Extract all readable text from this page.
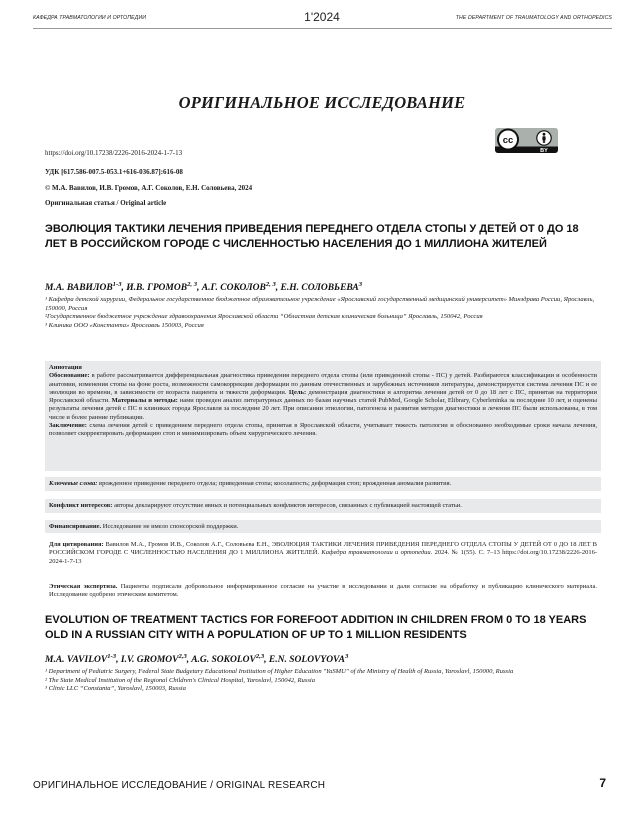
КАФЕДРА ТРАВМАТОЛОГИИ И ОРТОПЕДИИ	1'2024	THE DEPARTMENT OF TRAUMATOLOGY AND ORTHOPEDICS
ОРИГИНАЛЬНОЕ ИССЛЕДОВАНИЕ
https://doi.org/10.17238/2226-2016-2024-1-7-13
УДК [617.586-007.5-053.1+616-036.87]:616-08
© М.А. Вавилов, И.В. Громов, А.Г. Соколов, Е.Н. Соловьева, 2024
Оригинальная статья / Original article
cc
BY
ЭВОЛЮЦИЯ ТАКТИКИ ЛЕЧЕНИЯ ПРИВЕДЕНИЯ ПЕРЕДНЕГО ОТДЕЛА СТОПЫ У ДЕТЕЙ ОТ 0 ДО 18 ЛЕТ В РОССИЙСКОМ ГОРОДЕ С ЧИСЛЕННОСТЬЮ НАСЕЛЕНИЯ ДО 1 МИЛЛИОНА ЖИТЕЛЕЙ
М.А. ВАВИЛОВ$^{1-3}$, И.В. ГРОМОВ$^{2, 3}$, А.Г. СОКОЛОВ$^{2, 3}$, Е.Н. СОЛОВЬЕВА$^3$
¹ Кафедра детской хирургии, Федеральное государственное бюджетное образовательное учреждение «Ярославский государственный медицинский университет» Минздрава России, Ярославль, 150000, Россия
²Государственное бюджетное учреждение здравоохранения Ярославской области “Областная детская клиническая больница” Ярославль, 150042, Россия
³ Клиника ООО «Константа» Ярославль 150003, Россия
Аннотация
Обоснование: в работе рассматривается дифференциальная диагностика приведения переднего отдела стопы (или приведенной стопы - ПС) у детей. Разбираются классификации и особенности анатомии, изменения стопы на фоне роста, возможности самокоррекции деформации по данным отечественных и зарубежных источников литературы, демонстрируется система лечения ПС и ее эволюция во времени, в зависимости от возраста пациента и тяжести деформации. Цель: демонстрация диагностики и алгоритма лечения детей от 0 до 18 лет с ПС, принятая на территории Ярославской области. Материалы и методы: нами проведен анализ литературных данных по базам научных статей PubMed, Google Scholar, Elibrary, Cyberleninka за последние 10 лет, и оценены результаты лечения детей с ПС в клиниках города Ярославля за последние 20 лет. При описании этиологии, патогенеза и развития методов диагностики и лечения ПС были использованы, в том числе и более ранние публикации.
Заключение: схема лечения детей с приведением переднего отдела стопы, принятая в Ярославской области, учитывает тяжесть патологии и обоснованно необходимые сроки начала лечения, позволяет скорректировать деформацию стоп и минимизировать объем хирургического лечения.
Ключевые слова: врожденное приведение переднего отдела; приведенная стопа; косолапость; деформация стоп; врожденная аномалия развития.
Конфликт интересов: авторы декларируют отсутствие явных и потенциальных конфликтов интересов, связанных с публикацией настоящей статьи.
Финансирование. Исследование не имело спонсорской поддержки.
Для цитирования: Вавилов М.А., Громов И.В., Соколов А.Г., Соловьева Е.Н., ЭВОЛЮЦИЯ ТАКТИКИ ЛЕЧЕНИЯ ПРИВЕДЕНИЯ ПЕРЕДНЕГО ОТДЕЛА СТОПЫ У ДЕТЕЙ ОТ 0 ДО 18 ЛЕТ В РОССИЙСКОМ ГОРОДЕ С ЧИСЛЕННОСТЬЮ НАСЕЛЕНИЯ ДО 1 МИЛЛИОНА ЖИТЕЛЕЙ. Кафедра травматологии и ортопедии. 2024. № 1(55). С. 7–13 https://doi.org/10.17238/2226-2016-2024-1-7-13
Этическая экспертиза. Пациенты подписали добровольное информированное согласие на участие в исследовании и дали согласие на обработку и публикацию клинического материала. Исследование одобрено этическим комитетом.
EVOLUTION OF TREATMENT TACTICS FOR FOREFOOT ADDITION IN CHILDREN FROM 0 TO 18 YEARS OLD IN A RUSSIAN CITY WITH A POPULATION OF UP TO 1 MILLION RESIDENTS
M.A. VAVILOV$^{1-3}$, I.V. GROMOV$^{2,3}$, A.G. SOKOLOV$^{2,3}$, E.N. SOLOVYOVA$^3$
¹ Department of Pediatric Surgery, Federal State Budgetary Educational Institution of Higher Education "YaSMU" of the Ministry of Health of Russia, Yaroslavl, 150000, Russia
² The State Medical Institution of the Regional Children's Clinical Hospital, Yaroslavl, 150042, Russia
³ Clinic LLC “Constanta”, Yaroslavl, 150003, Russia
ОРИГИНАЛЬНОЕ ИССЛЕДОВАНИЕ / ORIGINAL RESEARCH	7
